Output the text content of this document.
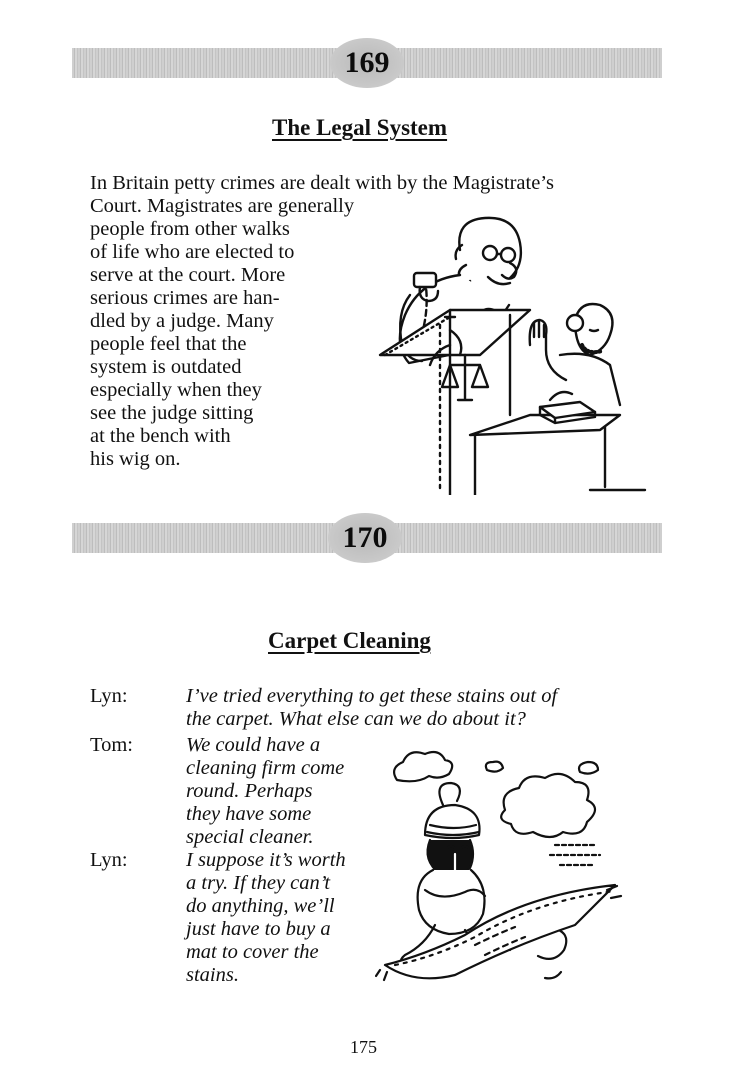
169
The Legal System
In Britain petty crimes are dealt with by the Magistrate’s
Court. Magistrates are generally
people from other walks
of life who are elected to
serve at the court. More
serious crimes are han-
dled by a judge. Many
people feel that the
system is outdated
especially when they
see the judge sitting
at the bench with
his wig on.
170
Carpet Cleaning
Lyn:	I’ve tried everything to get these stains out of
the carpet. What else can we do about it?
Tom:	We could have a
cleaning firm come
round. Perhaps
they have some
special cleaner.
Lyn:	I suppose it’s worth
a try. If they can’t
do anything, we’ll
just have to buy a
mat to cover the
stains.
175
